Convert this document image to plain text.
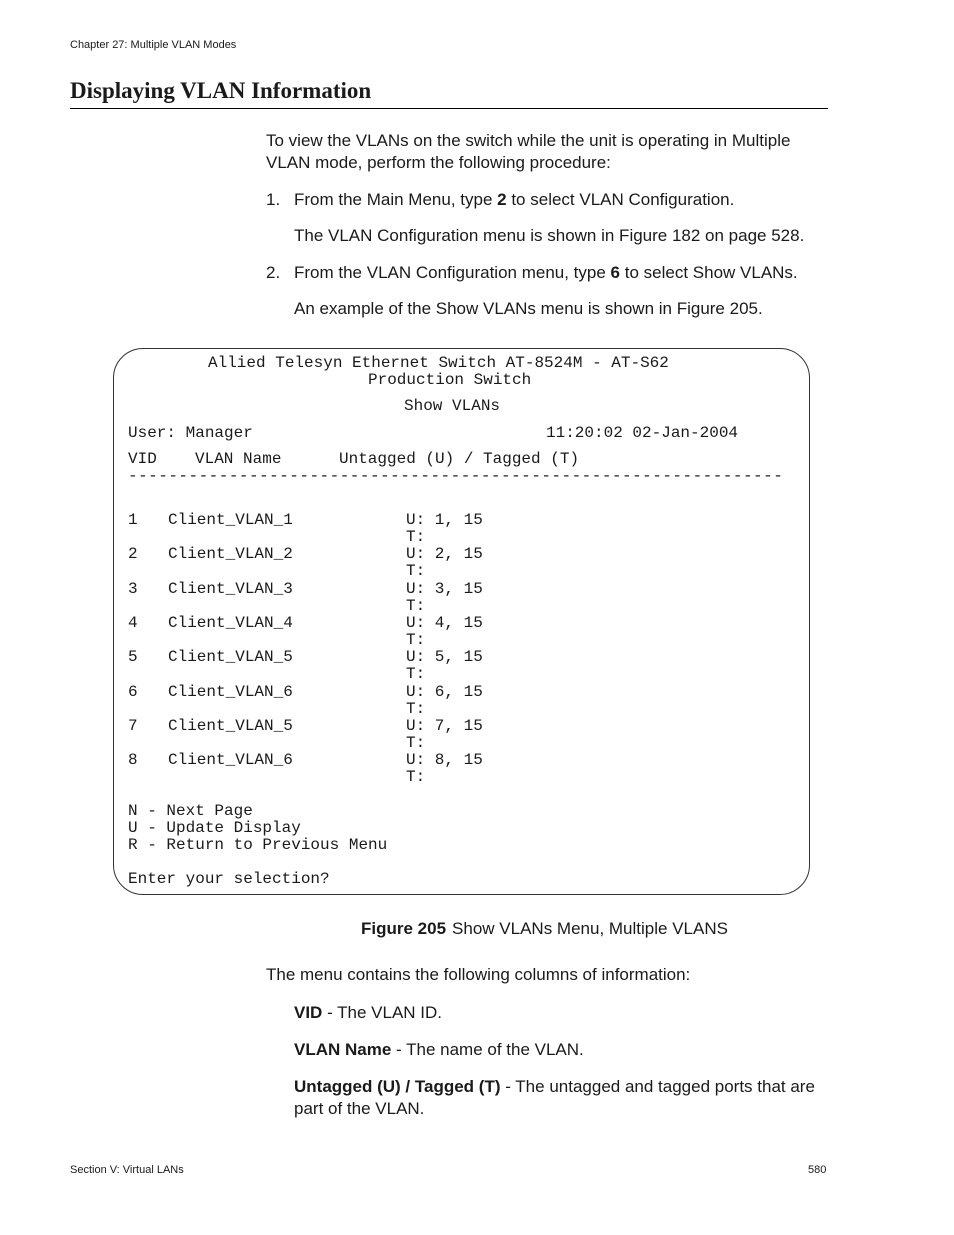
Chapter 27: Multiple VLAN Modes
Displaying VLAN Information
To view the VLANs on the switch while the unit is operating in Multiple VLAN mode, perform the following procedure:
1. From the Main Menu, type 2 to select VLAN Configuration.
The VLAN Configuration menu is shown in Figure 182 on page 528.
2. From the VLAN Configuration menu, type 6 to select Show VLANs.
An example of the Show VLANs menu is shown in Figure 205.
Allied Telesyn Ethernet Switch AT-8524M - AT-S62
Production Switch
Show VLANs
User: Manager	11:20:02 02-Jan-2004
VID VLAN Name	Untagged (U) / Tagged (T)
-----------------------------------------------------------------
1 Client_VLAN_1	U: 1, 15
T:
2 Client_VLAN_2	U: 2, 15
T:
3 Client_VLAN_3	U: 3, 15
T:
4 Client_VLAN_4	U: 4, 15
T:
5 Client_VLAN_5	U: 5, 15
T:
6 Client_VLAN_6	U: 6, 15
T:
7 Client_VLAN_5	U: 7, 15
T:
8 Client_VLAN_6	U: 8, 15
T:
N - Next Page
U - Update Display
R - Return to Previous Menu
Enter your selection?
Figure 205 Show VLANs Menu, Multiple VLANS
The menu contains the following columns of information:
VID - The VLAN ID.
VLAN Name - The name of the VLAN.
Untagged (U) / Tagged (T) - The untagged and tagged ports that are part of the VLAN.
Section V: Virtual LANs	580
